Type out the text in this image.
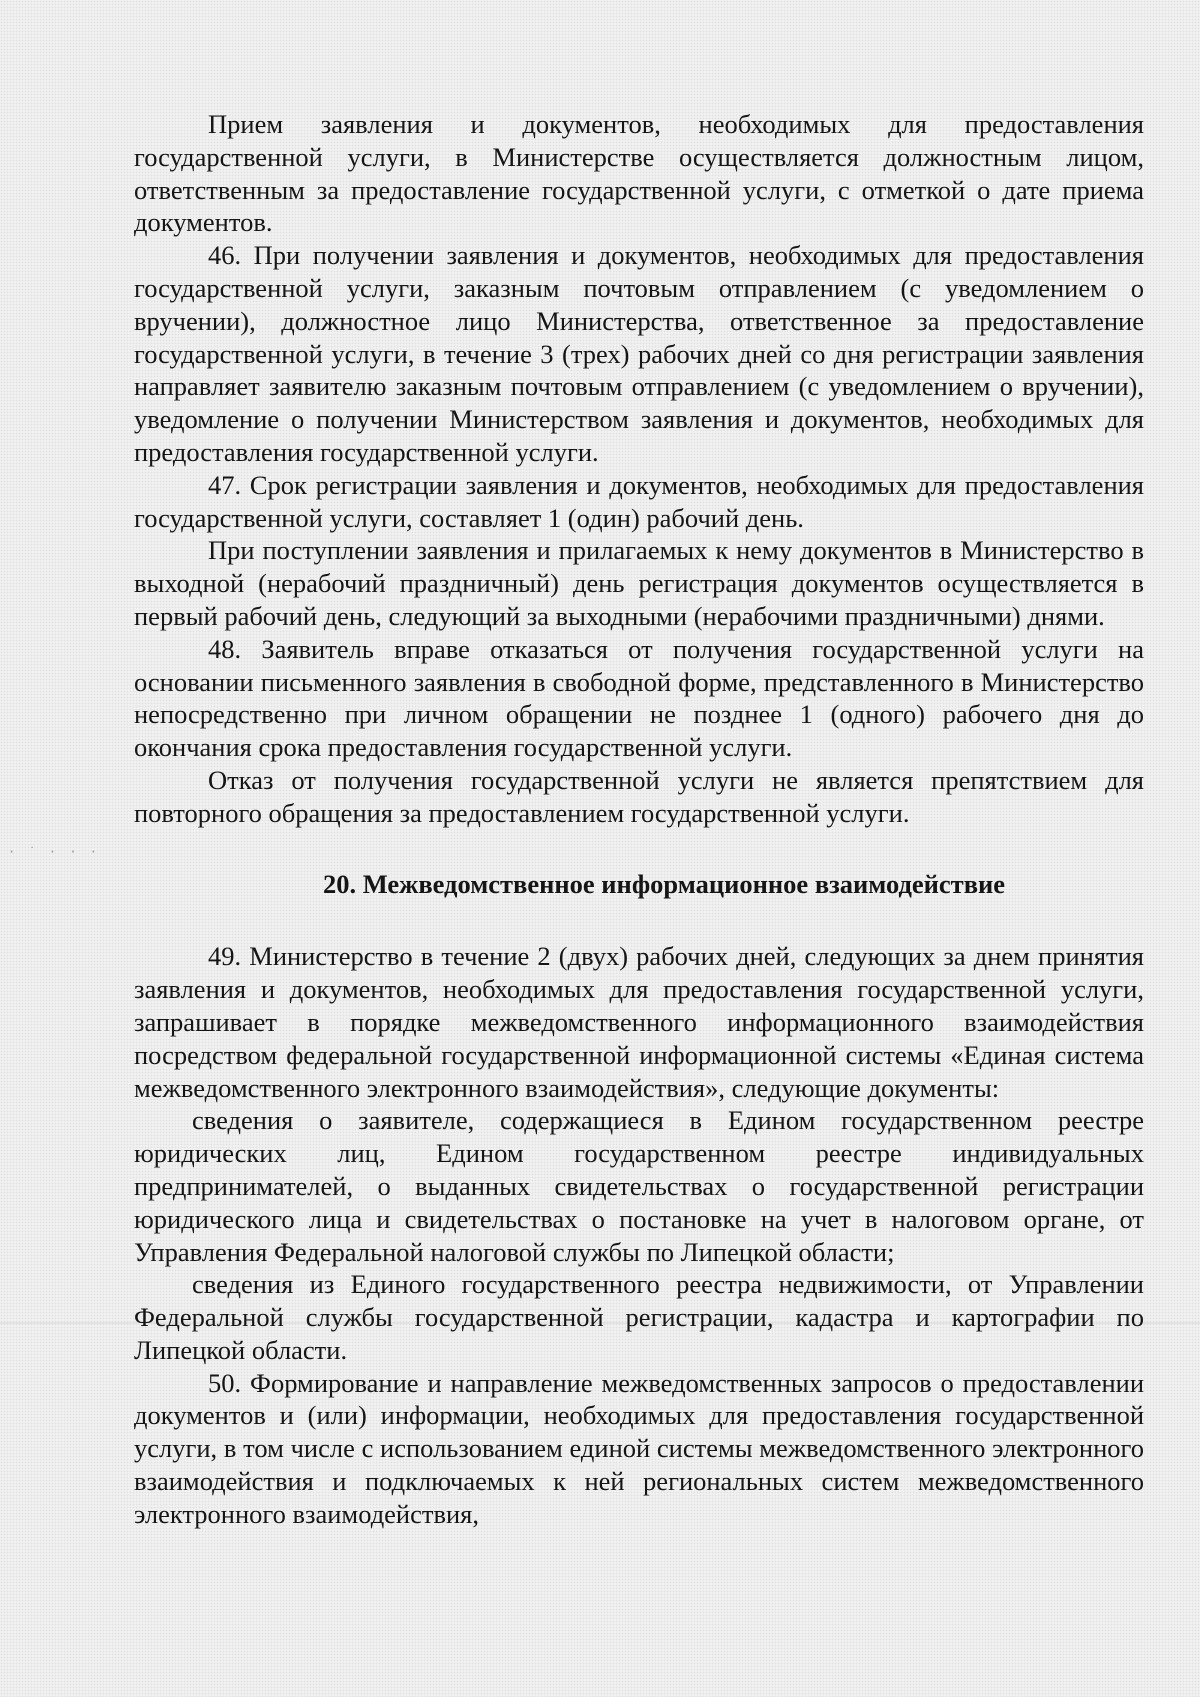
· ˙ · · ·

Прием заявления и документов, необходимых для предоставления государственной услуги, в Министерстве осуществляется должностным лицом, ответственным за предоставление государственной услуги, с отметкой о дате приема документов.

46. При получении заявления и документов, необходимых для предоставления государственной услуги, заказным почтовым отправлением (с уведомлением о вручении), должностное лицо Министерства, ответственное за предоставление государственной услуги, в течение 3 (трех) рабочих дней со дня регистрации заявления направляет заявителю заказным почтовым отправлением (с уведомлением о вручении), уведомление о получении Министерством заявления и документов, необходимых для предоставления государственной услуги.

47. Срок регистрации заявления и документов, необходимых для предоставления государственной услуги, составляет 1 (один) рабочий день.

При поступлении заявления и прилагаемых к нему документов в Министерство в выходной (нерабочий праздничный) день регистрация документов осуществляется в первый рабочий день, следующий за выходными (нерабочими праздничными) днями.

48. Заявитель вправе отказаться от получения государственной услуги на основании письменного заявления в свободной форме, представленного в Министерство непосредственно при личном обращении не позднее 1 (одного) рабочего дня до окончания срока предоставления государственной услуги.

Отказ от получения государственной услуги не является препятствием для повторного обращения за предоставлением государственной услуги.

20. Межведомственное информационное взаимодействие

49. Министерство в течение 2 (двух) рабочих дней, следующих за днем принятия заявления и документов, необходимых для предоставления государственной услуги, запрашивает в порядке межведомственного информационного взаимодействия посредством федеральной государственной информационной системы «Единая система межведомственного электронного взаимодействия», следующие документы:

сведения о заявителе, содержащиеся в Едином государственном реестре юридических лиц, Едином государственном реестре индивидуальных предпринимателей, о выданных свидетельствах о государственной регистрации юридического лица и свидетельствах о постановке на учет в налоговом органе, от Управления Федеральной налоговой службы по Липецкой области;

сведения из Единого государственного реестра недвижимости, от Управлении Федеральной службы государственной регистрации, кадастра и картографии по Липецкой области.

50. Формирование и направление межведомственных запросов о предоставлении документов и (или) информации, необходимых для предоставления государственной услуги, в том числе с использованием единой системы межведомственного электронного взаимодействия и подключаемых к ней региональных систем межведомственного электронного взаимодействия,
